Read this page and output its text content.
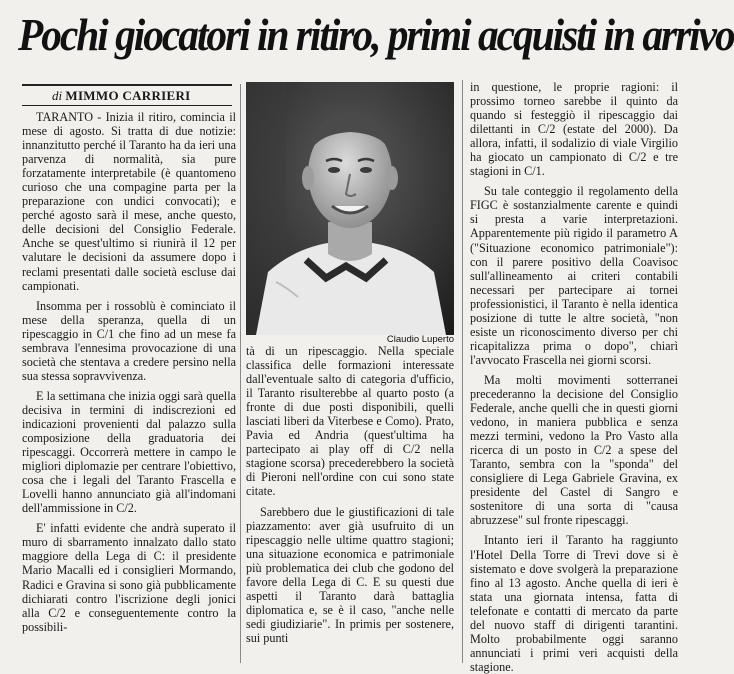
Pochi giocatori in ritiro, primi acquisti in arrivo
di MIMMO CARRIERI
Claudio Luperto

TARANTO - Inizia il ritiro, comincia il mese di agosto. Si tratta di due notizie: innanzitutto perché il Taranto ha da ieri una parvenza di normalità, sia pure forzatamente interpretabile (è quantomeno curioso che una compagine parta per la preparazione con undici convocati); e perché agosto sarà il mese, anche questo, delle decisioni del Consiglio Federale. Anche se quest'ultimo si riunirà il 12 per valutare le decisioni da assumere dopo i reclami presentati dalle società escluse dai campionati.

Insomma per i rossoblù è cominciato il mese della speranza, quella di un ripescaggio in C/1 che fino ad un mese fa sembrava l'ennesima provocazione di una società che stentava a credere persino nella sua stessa sopravvivenza.

E la settimana che inizia oggi sarà quella decisiva in termini di indiscrezioni ed indicazioni provenienti dal palazzo sulla composizione della graduatoria dei ripescaggi. Occorrerà mettere in campo le migliori diplomazie per centrare l'obiettivo, cosa che i legali del Taranto Frascella e Lovelli hanno annunciato già all'indomani dell'ammissione in C/2.

E' infatti evidente che andrà superato il muro di sbarramento innalzato dallo stato maggiore della Lega di C: il presidente Mario Macalli ed i consiglieri Mormando, Radici e Gravina si sono già pubblicamente dichiarati contro l'iscrizione degli jonici alla C/2 e conseguentemente contro la possibili-

tà di un ripescaggio. Nella speciale classifica delle formazioni interessate dall'eventuale salto di categoria d'ufficio, il Taranto risulterebbe al quarto posto (a fronte di due posti disponibili, quelli lasciati liberi da Viterbese e Como). Prato, Pavia ed Andria (quest'ultima ha partecipato ai play off di C/2 nella stagione scorsa) precederebbero la società di Pieroni nell'ordine con cui sono state citate.

Sarebbero due le giustificazioni di tale piazzamento: aver già usufruito di un ripescaggio nelle ultime quattro stagioni; una situazione economica e patrimoniale più problematica dei club che godono del favore della Lega di C. E su questi due aspetti il Taranto darà battaglia diplomatica e, se è il caso, "anche nelle sedi giudiziarie". In primis per sostenere, sui punti

in questione, le proprie ragioni: il prossimo torneo sarebbe il quinto da quando si festeggiò il ripescaggio dai dilettanti in C/2 (estate del 2000). Da allora, infatti, il sodalizio di viale Virgilio ha giocato un campionato di C/2 e tre stagioni in C/1.

Su tale conteggio il regolamento della FIGC è sostanzialmente carente e quindi si presta a varie interpretazioni. Apparentemente più rigido il parametro A ("Situazione economico patrimoniale"): con il parere positivo della Coavisoc sull'allineamento ai criteri contabili necessari per partecipare ai tornei professionistici, il Taranto è nella identica posizione di tutte le altre società, "non esiste un riconoscimento diverso per chi ricapitalizza prima o dopo", chiarì l'avvocato Frascella nei giorni scorsi.

Ma molti movimenti sotterranei precederanno la decisione del Consiglio Federale, anche quelli che in questi giorni vedono, in maniera pubblica e senza mezzi termini, vedono la Pro Vasto alla ricerca di un posto in C/2 a spese del Taranto, sembra con la "sponda" del consigliere di Lega Gabriele Gravina, ex presidente del Castel di Sangro e sostenitore di una sorta di "causa abruzzese" sul fronte ripescaggi.

Intanto ieri il Taranto ha raggiunto l'Hotel Della Torre di Trevi dove si è sistemato e dove svolgerà la preparazione fino al 13 agosto. Anche quella di ieri è stata una giornata intensa, fatta di telefonate e contatti di mercato da parte del nuovo staff di dirigenti tarantini. Molto probabilmente oggi saranno annunciati i primi veri acquisti della stagione.
